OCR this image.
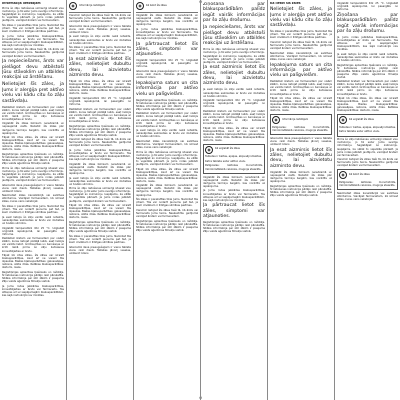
⊕
⊕

Informācija lietotājam

Pirms šo zāļu lietošanas uzmanīgi izlasiet visu instrukciju, jo tā satur Jums svarīgu informāciju. Saglabājiet šo instrukciju. Iespējams, ka vēlāk to vajadzēs pārlasīt. Ja Jums rodas jebkādi jautājumi, vaicājiet ārstam vai farmaceitam.

Šīs zāles ir parakstītas tikai Jums. Nedodiet tās citiem. Tās var nodarīt ļaunumu pat tad, ja šiem cilvēkiem ir līdzīgas slimības pazīmes.

Ja Jums rodas jebkādas blakusparādības, konsultējieties ar ārstu vai farmaceitu. Tas attiecas arī uz iespējamajām blakusparādībām, kas šajā instrukcijā nav minētas.

Vienmēr lietojiet šīs zāles tieši tā, kā ārsts vai farmaceits Jums teicis. Neskaidrību gadījumā vaicājiet ārstam vai farmaceitam.

Ja nepieciešams, ārsts var pielāgot devu atbilstoši Jūsu stāvoklim un atbildes reakcijai uz ārstēšanu.

Nelietojiet šīs zāles, ja Jums ir alerģija pret aktīvo vielu vai kādu citu šo zāļu sastāvdaļu.

Pastāstiet ārstam vai farmaceitam par visām zālēm, kuras lietojat pēdējā laikā, esat lietojis vai varētu lietot. Grūtniecības un barošanas ar krūti laikā pirms šo zāļu lietošanas konsultējieties ar ārstu.

Uzglabāt šīs zāles bērniem neredzamā un nepieejamā vietā. Nelietot šīs zāles pēc derīguma termiņa beigām, kas norādīts uz iepakojuma.

Tāpat kā citas zāles, šīs zāles var izraisīt blakusparādības, kaut arī ne visiem tās izpaužas. Biežas blakusparādības: galvassāpes, reibonis, slikta dūša. Retākas blakusparādības: izsitumi, nieze.

Reģistrācijas apliecības īpašnieks un ražotājs. Šī lietošanas instrukcija pēdējo reizi pārskatīta. Sīkāka informācija par šīm zālēm ir pieejama Zāļu valsts aģentūras tīmekļa vietnē.

Pirms šo zāļu lietošanas uzmanīgi izlasiet visu instrukciju, jo tā satur Jums svarīgu informāciju. Saglabājiet šo instrukciju. Iespējams, ka vēlāk to vajadzēs pārlasīt. Ja Jums rodas jebkādi jautājumi, vaicājiet ārstam vai farmaceitam.

Ieteicamā deva pieaugušajiem ir viena tablete vienu reizi dienā. Tabletes jānorij veselas, uzdzerot ūdeni.

Neizmetiet zāles kanalizācijā vai sadzīves atkritumos. Vaicājiet farmaceitam, kā izmest zāles, kuras vairs nelietojat.

Šīs zāles ir parakstītas tikai Jums. Nedodiet tās citiem. Tās var nodarīt ļaunumu pat tad, ja šiem cilvēkiem ir līdzīgas slimības pazīmes.

Ja esat lietojis šo zāļu vairāk nekā noteikts, nekavējoties sazinieties ar ārstu vai dodieties uz tuvāko slimnīcu.

Uzglabāt temperatūrā līdz 25 °C. Uzglabāt oriģinālā iepakojumā, lai pasargātu no mitruma.

Pastāstiet ārstam vai farmaceitam par visām zālēm, kuras lietojat pēdējā laikā, esat lietojis vai varētu lietot. Grūtniecības un barošanas ar krūti laikā pirms šo zāļu lietošanas konsultējieties ar ārstu.

Tāpat kā citas zāles, šīs zāles var izraisīt blakusparādības, kaut arī ne visiem tās izpaužas. Biežas blakusparādības: galvassāpes, reibonis, slikta dūša. Retākas blakusparādības: izsitumi, nieze.

Reģistrācijas apliecības īpašnieks un ražotājs. Šī lietošanas instrukcija pēdējo reizi pārskatīta. Sīkāka informācija par šīm zālēm ir pieejama Zāļu valsts aģentūras tīmekļa vietnē.

Ja Jums rodas jebkādas blakusparādības, konsultējieties ar ārstu vai farmaceitu. Tas attiecas arī uz iespējamajām blakusparādībām, kas šajā instrukcijā nav minētas.

Informācija lietotājam

Vienmēr lietojiet šīs zāles tieši tā, kā ārsts vai farmaceits Jums teicis. Neskaidrību gadījumā vaicājiet ārstam vai farmaceitam.

Ieteicamā deva pieaugušajiem ir viena tablete vienu reizi dienā. Tabletes jānorij veselas, uzdzerot ūdeni.

Ja esat lietojis šo zāļu vairāk nekā noteikts, nekavējoties sazinieties ar ārstu vai dodieties uz tuvāko slimnīcu.

Šīs zāles ir parakstītas tikai Jums. Nedodiet tās citiem. Tās var nodarīt ļaunumu pat tad, ja šiem cilvēkiem ir līdzīgas slimības pazīmes.

Ja esat aizmirsis lietot šīs zāles, nelietojiet dubultu devu, lai aizvietotu aizmirsto devu.

Tāpat kā citas zāles, šīs zāles var izraisīt blakusparādības, kaut arī ne visiem tās izpaužas. Biežas blakusparādības: galvassāpes, reibonis, slikta dūša. Retākas blakusparādības: izsitumi, nieze.

Uzglabāt temperatūrā līdz 25 °C. Uzglabāt oriģinālā iepakojumā, lai pasargātu no mitruma.

Pastāstiet ārstam vai farmaceitam par visām zālēm, kuras lietojat pēdējā laikā, esat lietojis vai varētu lietot. Grūtniecības un barošanas ar krūti laikā pirms šo zāļu lietošanas konsultējieties ar ārstu.

Reģistrācijas apliecības īpašnieks un ražotājs. Šī lietošanas instrukcija pēdējo reizi pārskatīta. Sīkāka informācija par šīm zālēm ir pieejama Zāļu valsts aģentūras tīmekļa vietnē.

Vienmēr lietojiet šīs zāles tieši tā, kā ārsts vai farmaceits Jums teicis. Neskaidrību gadījumā vaicājiet ārstam vai farmaceitam.

Ja Jums rodas jebkādas blakusparādības, konsultējieties ar ārstu vai farmaceitu. Tas attiecas arī uz iespējamajām blakusparādībām, kas šajā instrukcijā nav minētas.

Uzglabāt šīs zāles bērniem neredzamā un nepieejamā vietā. Nelietot šīs zāles pēc derīguma termiņa beigām, kas norādīts uz iepakojuma.

Ja esat lietojis šo zāļu vairāk nekā noteikts, nekavējoties sazinieties ar ārstu vai dodieties uz tuvāko slimnīcu.

Pirms šo zāļu lietošanas uzmanīgi izlasiet visu instrukciju, jo tā satur Jums svarīgu informāciju. Saglabājiet šo instrukciju. Iespējams, ka vēlāk to vajadzēs pārlasīt. Ja Jums rodas jebkādi jautājumi, vaicājiet ārstam vai farmaceitam.

Tāpat kā citas zāles, šīs zāles var izraisīt blakusparādības, kaut arī ne visiem tās izpaužas. Biežas blakusparādības: galvassāpes, reibonis, slikta dūša. Retākas blakusparādības: izsitumi, nieze.

Reģistrācijas apliecības īpašnieks un ražotājs. Šī lietošanas instrukcija pēdējo reizi pārskatīta. Sīkāka informācija par šīm zālēm ir pieejama Zāļu valsts aģentūras tīmekļa vietnē.

Šīs zāles ir parakstītas tikai Jums. Nedodiet tās citiem. Tās var nodarīt ļaunumu pat tad, ja šiem cilvēkiem ir līdzīgas slimības pazīmes.

Ieteicamā deva pieaugušajiem ir viena tablete vienu reizi dienā. Tabletes jānorij veselas, uzdzerot ūdeni.

Kā lietot šīs zāles

Uzglabāt šīs zāles bērniem neredzamā un nepieejamā vietā. Nelietot šīs zāles pēc derīguma termiņa beigām, kas norādīts uz iepakojuma.

Ja Jums rodas jebkādas blakusparādības, konsultējieties ar ārstu vai farmaceitu. Tas attiecas arī uz iespējamajām blakusparādībām, kas šajā instrukcijā nav minētas.

Ja pārtraucat lietot šīs zāles, simptomi var atjaunoties.

Uzglabāt temperatūrā līdz 25 °C. Uzglabāt oriģinālā iepakojumā, lai pasargātu no mitruma.

Ieteicamā deva pieaugušajiem ir viena tablete vienu reizi dienā. Tabletes jānorij veselas, uzdzerot ūdeni.

Iepakojuma saturs un cita informācija par aktīvo vielu un palīgvielām.

Reģistrācijas apliecības īpašnieks un ražotājs. Šī lietošanas instrukcija pēdējo reizi pārskatīta. Sīkāka informācija par šīm zālēm ir pieejama Zāļu valsts aģentūras tīmekļa vietnē.

Pastāstiet ārstam vai farmaceitam par visām zālēm, kuras lietojat pēdējā laikā, esat lietojis vai varētu lietot. Grūtniecības un barošanas ar krūti laikā pirms šo zāļu lietošanas konsultējieties ar ārstu.

Ja esat lietojis šo zāļu vairāk nekā noteikts, nekavējoties sazinieties ar ārstu vai dodieties uz tuvāko slimnīcu.

Neizmetiet zāles kanalizācijā vai sadzīves atkritumos. Vaicājiet farmaceitam, kā izmest zāles, kuras vairs nelietojat.

Pirms šo zāļu lietošanas uzmanīgi izlasiet visu instrukciju, jo tā satur Jums svarīgu informāciju. Saglabājiet šo instrukciju. Iespējams, ka vēlāk to vajadzēs pārlasīt. Ja Jums rodas jebkādi jautājumi, vaicājiet ārstam vai farmaceitam.

Tāpat kā citas zāles, šīs zāles var izraisīt blakusparādības, kaut arī ne visiem tās izpaužas. Biežas blakusparādības: galvassāpes, reibonis, slikta dūša. Retākas blakusparādības: izsitumi, nieze.

Uzglabāt šīs zāles bērniem neredzamā un nepieejamā vietā. Nelietot šīs zāles pēc derīguma termiņa beigām, kas norādīts uz iepakojuma.

Šīs zāles ir parakstītas tikai Jums. Nedodiet tās citiem. Tās var nodarīt ļaunumu pat tad, ja šiem cilvēkiem ir līdzīgas slimības pazīmes.

Vienmēr lietojiet šīs zāles tieši tā, kā ārsts vai farmaceits Jums teicis. Neskaidrību gadījumā vaicājiet ārstam vai farmaceitam.

Reģistrācijas apliecības īpašnieks un ražotājs. Šī lietošanas instrukcija pēdējo reizi pārskatīta. Sīkāka informācija par šīm zālēm ir pieejama Zāļu valsts aģentūras tīmekļa vietnē.

Ziņošana par blakusparādībām palīdz iegūt vairāk informācijas par šo zāļu drošumu.

Ja nepieciešams, ārsts var pielāgot devu atbilstoši Jūsu stāvoklim un atbildes reakcijai uz ārstēšanu.

Pirms šo zāļu lietošanas uzmanīgi izlasiet visu instrukciju, jo tā satur Jums svarīgu informāciju. Saglabājiet šo instrukciju. Iespējams, ka vēlāk to vajadzēs pārlasīt. Ja Jums rodas jebkādi jautājumi, vaicājiet ārstam vai farmaceitam.

Ja esat aizmirsis lietot šīs zāles, nelietojiet dubultu devu, lai aizvietotu aizmirsto devu.

Ja esat lietojis šo zāļu vairāk nekā noteikts, nekavējoties sazinieties ar ārstu vai dodieties uz tuvāko slimnīcu.

Uzglabāt temperatūrā līdz 25 °C. Uzglabāt oriģinālā iepakojumā, lai pasargātu no mitruma.

Pastāstiet ārstam vai farmaceitam par visām zālēm, kuras lietojat pēdējā laikā, esat lietojis vai varētu lietot. Grūtniecības un barošanas ar krūti laikā pirms šo zāļu lietošanas konsultējieties ar ārstu.

Tāpat kā citas zāles, šīs zāles var izraisīt blakusparādības, kaut arī ne visiem tās izpaužas. Biežas blakusparādības: galvassāpes, reibonis, slikta dūša. Retākas blakusparādības: izsitumi, nieze.

Kā uzglabāt šīs zāles

Tabletes ir baltas, apaļas, abpusēji izliektas.

Katra tablete satur aktīvo vielu.

Palīgvielas: laktozes monohidrāts, mikrokristāliskā celuloze, magnija stearāts.

Uzglabāt šīs zāles bērniem neredzamā un nepieejamā vietā. Nelietot šīs zāles pēc derīguma termiņa beigām, kas norādīts uz iepakojuma.

Ja Jums rodas jebkādas blakusparādības, konsultējieties ar ārstu vai farmaceitu. Tas attiecas arī uz iespējamajām blakusparādībām, kas šajā instrukcijā nav minētas.

Ja pārtraucat lietot šīs zāles, simptomi var atjaunoties.

Reģistrācijas apliecības īpašnieks un ražotājs. Šī lietošanas instrukcija pēdējo reizi pārskatīta. Sīkāka informācija par šīm zālēm ir pieejama Zāļu valsts aģentūras tīmekļa vietnē.

Kā lietot šīs zāles

Nelietojiet šīs zāles, ja Jums ir alerģija pret aktīvo vielu vai kādu citu šo zāļu sastāvdaļu.

Šīs zāles ir parakstītas tikai Jums. Nedodiet tās citiem. Tās var nodarīt ļaunumu pat tad, ja šiem cilvēkiem ir līdzīgas slimības pazīmes.

Vienmēr lietojiet šīs zāles tieši tā, kā ārsts vai farmaceits Jums teicis. Neskaidrību gadījumā vaicājiet ārstam vai farmaceitam.

Neizmetiet zāles kanalizācijā vai sadzīves atkritumos. Vaicājiet farmaceitam, kā izmest zāles, kuras vairs nelietojat.

Iepakojuma saturs un cita informācija par aktīvo vielu un palīgvielām.

Pastāstiet ārstam vai farmaceitam par visām zālēm, kuras lietojat pēdējā laikā, esat lietojis vai varētu lietot. Grūtniecības un barošanas ar krūti laikā pirms šo zāļu lietošanas konsultējieties ar ārstu.

Tāpat kā citas zāles, šīs zāles var izraisīt blakusparādības, kaut arī ne visiem tās izpaužas. Biežas blakusparādības: galvassāpes, reibonis, slikta dūša. Retākas blakusparādības: izsitumi, nieze.

Informācija lietotājam

Palīgvielas: laktozes monohidrāts, mikrokristāliskā celuloze, magnija stearāts.

Ieteicamā deva pieaugušajiem ir viena tablete vienu reizi dienā. Tabletes jānorij veselas, uzdzerot ūdeni.

Ja esat aizmirsis lietot šīs zāles, nelietojiet dubultu devu, lai aizvietotu aizmirsto devu.

Uzglabāt šīs zāles bērniem neredzamā un nepieejamā vietā. Nelietot šīs zāles pēc derīguma termiņa beigām, kas norādīts uz iepakojuma.

Reģistrācijas apliecības īpašnieks un ražotājs. Šī lietošanas instrukcija pēdējo reizi pārskatīta. Sīkāka informācija par šīm zālēm ir pieejama Zāļu valsts aģentūras tīmekļa vietnē.

Uzglabāt temperatūrā līdz 25 °C. Uzglabāt oriģinālā iepakojumā, lai pasargātu no mitruma.

Ziņošana par blakusparādībām palīdz iegūt vairāk informācijas par šo zāļu drošumu.

Ja Jums rodas jebkādas blakusparādības, konsultējieties ar ārstu vai farmaceitu. Tas attiecas arī uz iespējamajām blakusparādībām, kas šajā instrukcijā nav minētas.

Ja esat lietojis šo zāļu vairāk nekā noteikts, nekavējoties sazinieties ar ārstu vai dodieties uz tuvāko slimnīcu.

Reģistrācijas apliecības īpašnieks un ražotājs. Šī lietošanas instrukcija pēdējo reizi pārskatīta. Sīkāka informācija par šīm zālēm ir pieejama Zāļu valsts aģentūras tīmekļa vietnē.

Pastāstiet ārstam vai farmaceitam par visām zālēm, kuras lietojat pēdējā laikā, esat lietojis vai varētu lietot. Grūtniecības un barošanas ar krūti laikā pirms šo zāļu lietošanas konsultējieties ar ārstu.

Tāpat kā citas zāles, šīs zāles var izraisīt blakusparādības, kaut arī ne visiem tās izpaužas. Biežas blakusparādības: galvassāpes, reibonis, slikta dūša. Retākas blakusparādības: izsitumi, nieze.

Kā uzglabāt šīs zāles

Tabletes ir baltas, apaļas, abpusēji izliektas.

Katra tablete satur aktīvo vielu.

Pirms šo zāļu lietošanas uzmanīgi izlasiet visu instrukciju, jo tā satur Jums svarīgu informāciju. Saglabājiet šo instrukciju. Iespējams, ka vēlāk to vajadzēs pārlasīt. Ja Jums rodas jebkādi jautājumi, vaicājiet ārstam vai farmaceitam.

Vienmēr lietojiet šīs zāles tieši tā, kā ārsts vai farmaceits Jums teicis. Neskaidrību gadījumā vaicājiet ārstam vai farmaceitam.

Kā lietot šīs zāles

Palīgvielas: laktozes monohidrāts, mikrokristāliskā celuloze, magnija stearāts.

Neizmetiet zāles kanalizācijā vai sadzīves atkritumos. Vaicājiet farmaceitam, kā izmest zāles, kuras vairs nelietojat.
